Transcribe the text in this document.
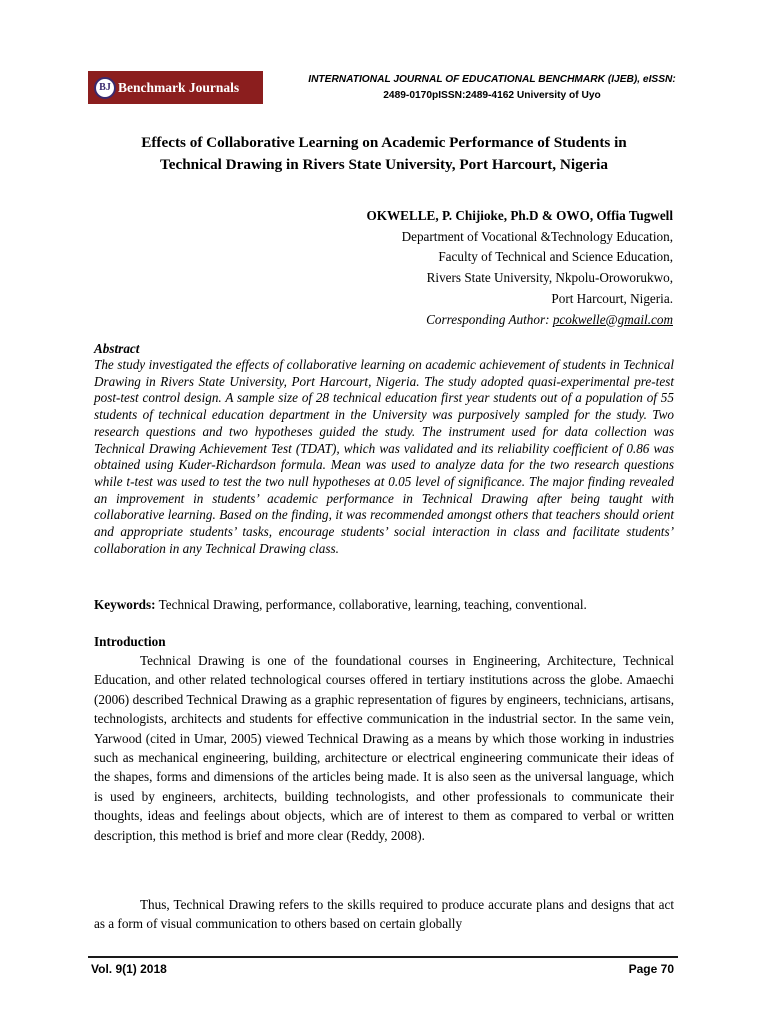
BJ Benchmark Journals	INTERNATIONAL JOURNAL OF EDUCATIONAL BENCHMARK (IJEB), eISSN:
2489-0170pISSN:2489-4162 University of Uyo
Effects of Collaborative Learning on Academic Performance of Students in
Technical Drawing in Rivers State University, Port Harcourt, Nigeria
OKWELLE, P. Chijioke, Ph.D & OWO, Offia Tugwell
Department of Vocational &Technology Education,
Faculty of Technical and Science Education,
Rivers State University, Nkpolu-Oroworukwo,
Port Harcourt, Nigeria.
Corresponding Author: pcokwelle@gmail.com
Abstract

The study investigated the effects of collaborative learning on academic achievement of students in Technical Drawing in Rivers State University, Port Harcourt, Nigeria. The study adopted quasi-experimental pre-test post-test control design. A sample size of 28 technical education first year students out of a population of 55 students of technical education department in the University was purposively sampled for the study. Two research questions and two hypotheses guided the study. The instrument used for data collection was Technical Drawing Achievement Test (TDAT), which was validated and its reliability coefficient of 0.86 was obtained using Kuder-Richardson formula. Mean was used to analyze data for the two research questions while t-test was used to test the two null hypotheses at 0.05 level of significance. The major finding revealed an improvement in students’ academic performance in Technical Drawing after being taught with collaborative learning. Based on the finding, it was recommended amongst others that teachers should orient and appropriate students’ tasks, encourage students’ social interaction in class and facilitate students’ collaboration in any Technical Drawing class.

Keywords: Technical Drawing, performance, collaborative, learning, teaching, conventional.
Introduction

Technical Drawing is one of the foundational courses in Engineering, Architecture, Technical Education, and other related technological courses offered in tertiary institutions across the globe. Amaechi (2006) described Technical Drawing as a graphic representation of figures by engineers, technicians, artisans, technologists, architects and students for effective communication in the industrial sector. In the same vein, Yarwood (cited in Umar, 2005) viewed Technical Drawing as a means by which those working in industries such as mechanical engineering, building, architecture or electrical engineering communicate their ideas of the shapes, forms and dimensions of the articles being made. It is also seen as the universal language, which is used by engineers, architects, building technologists, and other professionals to communicate their thoughts, ideas and feelings about objects, which are of interest to them as compared to verbal or written description, this method is brief and more clear (Reddy, 2008).

Thus, Technical Drawing refers to the skills required to produce accurate plans and designs that act as a form of visual communication to others based on certain globally

Vol. 9(1) 2018	Page 70
